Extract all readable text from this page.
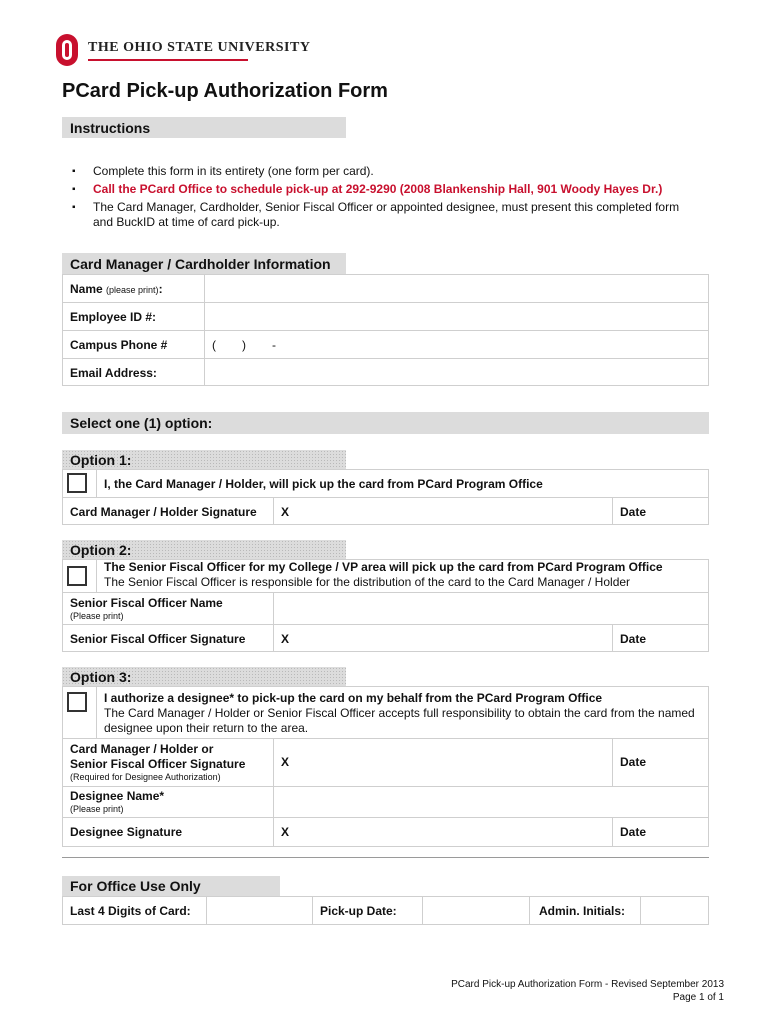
THE OHIO STATE UNIVERSITY
PCard Pick-up Authorization Form
Instructions
▪ Complete this form in its entirety (one form per card).
▪ Call the PCard Office to schedule pick-up at 292-9290 (2008 Blankenship Hall, 901 Woody Hayes Dr.)
▪ The Card Manager, Cardholder, Senior Fiscal Officer or appointed designee, must present this completed form and BuckID at time of card pick-up.
Card Manager / Cardholder Information
Name (please print):
Employee ID #:
Campus Phone #	( ) -
Email Address:
Select one (1) option:
Option 1:
I, the Card Manager / Holder, will pick up the card from PCard Program Office
Card Manager / Holder Signature X	Date
Option 2:
The Senior Fiscal Officer for my College / VP area will pick up the card from PCard Program Office
The Senior Fiscal Officer is responsible for the distribution of the card to the Card Manager / Holder
Senior Fiscal Officer Name
(Please print)
Senior Fiscal Officer Signature	X	Date
Option 3:
I authorize a designee* to pick-up the card on my behalf from the PCard Program Office
The Card Manager / Holder or Senior Fiscal Officer accepts full responsibility to obtain the card from the named designee upon their return to the area.
Card Manager / Holder or
Senior Fiscal Officer Signature
(Required for Designee Authorization)
X	Date
Designee Name*
(Please print)
Designee Signature	X	Date
For Office Use Only
Last 4 Digits of Card:	Pick-up Date:	Admin. Initials:
PCard Pick-up Authorization Form - Revised September 2013
Page 1 of 1
